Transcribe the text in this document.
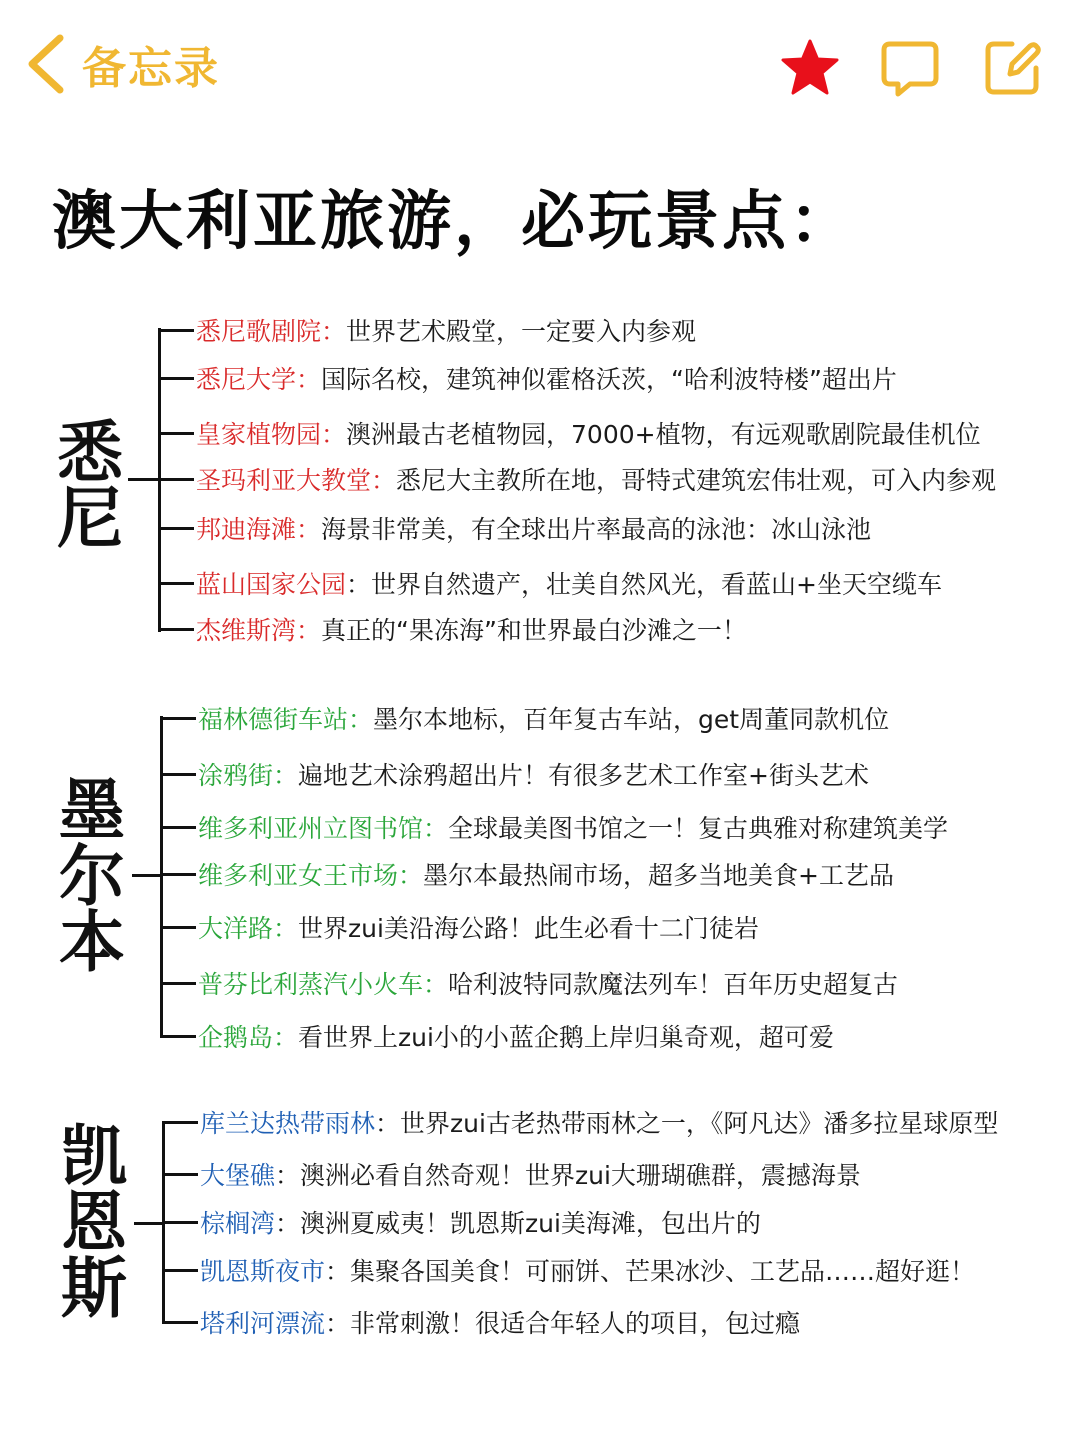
备忘录
澳大利亚旅游，必玩景点：
悉
尼
悉尼歌剧院： 世界艺术殿堂，一定要入内参观
悉尼大学： 国际名校，建筑神似霍格沃茨，“哈利波特楼”超出片
皇家植物园： 澳洲最古老植物园，7000+植物，有远观歌剧院最佳机位
圣玛利亚大教堂： 悉尼大主教所在地，哥特式建筑宏伟壮观，可入内参观
邦迪海滩： 海景非常美，有全球出片率最高的泳池：冰山泳池
蓝山国家公园 ：世界自然遗产，壮美自然风光，看蓝山+坐天空缆车
杰维斯湾： 真正的“果冻海”和世界最白沙滩之一！
墨
尔
本
福林德街车站： 墨尔本地标，百年复古车站，get周董同款机位
涂鸦街： 遍地艺术涂鸦超出片！有很多艺术工作室+街头艺术
维多利亚州立图书馆： 全球最美图书馆之一！复古典雅对称建筑美学
维多利亚女王市场： 墨尔本最热闹市场，超多当地美食+工艺品
大洋路： 世界zui美沿海公路！此生必看十二门徒岩
普芬比利蒸汽小火车： 哈利波特同款魔法列车！百年历史超复古
企鹅岛： 看世界上zui小的小蓝企鹅上岸归巢奇观，超可爱
凯
恩
斯
库兰达热带雨林 ：世界zui古老热带雨林之一，《阿凡达》潘多拉星球原型
大堡礁 ：澳洲必看自然奇观！世界zui大珊瑚礁群，震撼海景
棕榈湾 ：澳洲夏威夷！凯恩斯zui美海滩，包出片的
凯恩斯夜市 ：集聚各国美食！可丽饼、芒果冰沙、工艺品……超好逛！
塔利河漂流 ：非常刺激！很适合年轻人的项目，包过瘾
